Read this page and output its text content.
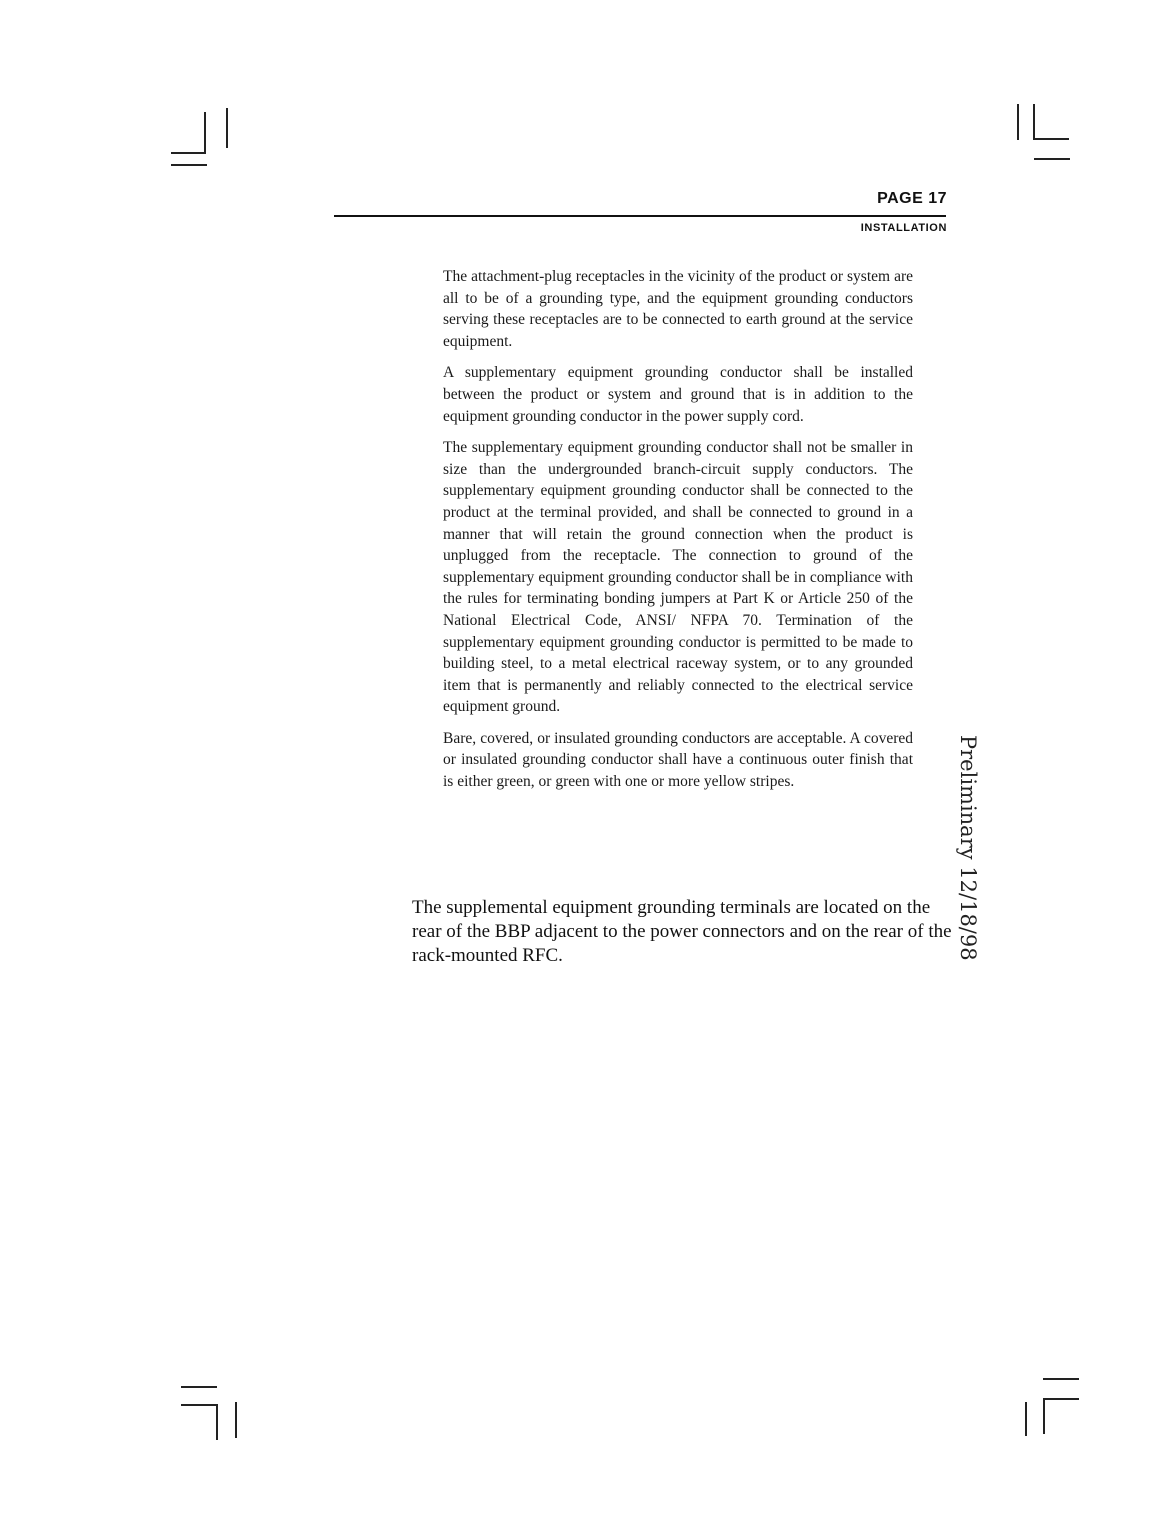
PAGE 17
INSTALLATION

The attachment-plug receptacles in the vicinity of the product or system are all to be of a grounding type, and the equipment grounding conductors serving these receptacles are to be connected to earth ground at the service equipment.

A supplementary equipment grounding conductor shall be installed between the product or system and ground that is in addition to the equipment grounding conductor in the power supply cord.

The supplementary equipment grounding conductor shall not be smaller in size than the undergrounded branch-circuit supply conductors. The supplementary equipment grounding conductor shall be connected to the product at the terminal provided, and shall be connected to ground in a manner that will retain the ground connection when the product is unplugged from the receptacle. The connection to ground of the supplementary equipment grounding conductor shall be in compliance with the rules for terminating bonding jumpers at Part K or Article 250 of the National Electrical Code, ANSI/ NFPA 70. Termination of the supplementary equipment grounding conductor is permitted to be made to building steel, to a metal electrical raceway system, or to any grounded item that is permanently and reliably connected to the electrical service equipment ground.

Bare, covered, or insulated grounding conductors are acceptable. A covered or insulated grounding conductor shall have a continuous outer finish that is either green, or green with one or more yellow stripes.

The supplemental equipment grounding terminals are located on the rear of the BBP adjacent to the power connectors and on the rear of the rack-mounted RFC.	Preliminary 12/18/98
